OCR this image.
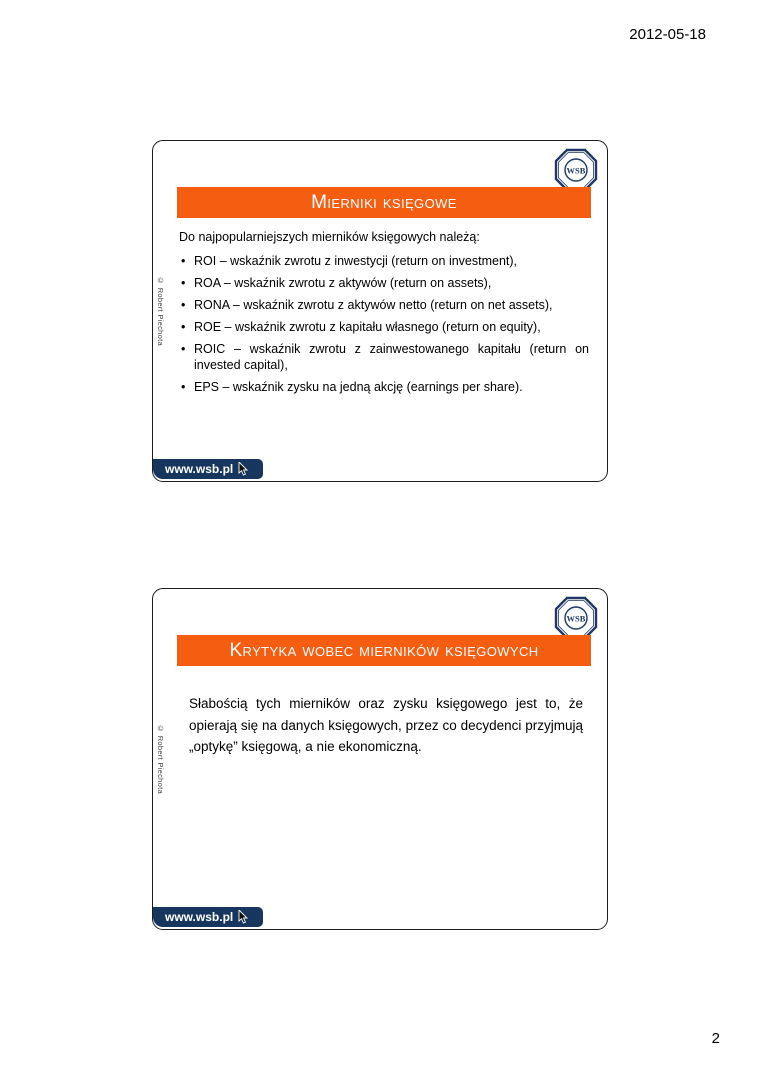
2012-05-18
WSB
Mierniki księgowe
© Robert Piechota

Do najpopularniejszych mierników księgowych należą:

• ROI – wskaźnik zwrotu z inwestycji (return on investment),
• ROA – wskaźnik zwrotu z aktywów (return on assets),
• RONA – wskaźnik zwrotu z aktywów netto (return on net assets),
• ROE – wskaźnik zwrotu z kapitału własnego (return on equity),
• ROIC – wskaźnik zwrotu z zainwestowanego kapitału (return on invested capital),
• EPS – wskaźnik zysku na jedną akcję (earnings per share).
www.wsb.pl
WSB
Krytyka wobec mierników księgowych
© Robert Piechota
Słabością tych mierników oraz zysku księgowego jest to, że opierają się na danych księgowych, przez co decydenci przyjmują „optykę” księgową, a nie ekonomiczną.
www.wsb.pl
2
